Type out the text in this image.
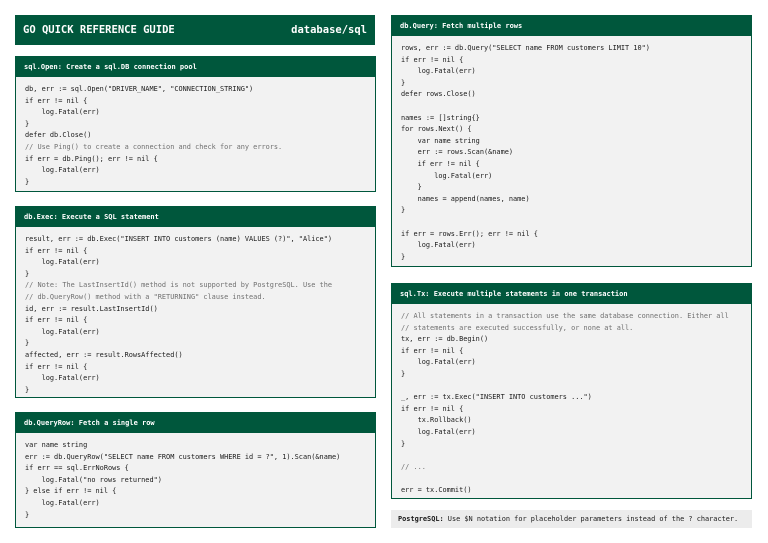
GO QUICK REFERENCE GUIDE	database/sql
sql.Open: Create a sql.DB connection pool
db, err := sql.Open("DRIVER_NAME", "CONNECTION_STRING")
if err != nil {
log.Fatal(err)
}
defer db.Close()
// Use Ping() to create a connection and check for any errors.
if err = db.Ping(); err != nil {
log.Fatal(err)
}
db.Exec: Execute a SQL statement
result, err := db.Exec("INSERT INTO customers (name) VALUES (?)", "Alice")
if err != nil {
log.Fatal(err)
}
// Note: The LastInsertId() method is not supported by PostgreSQL. Use the
// db.QueryRow() method with a "RETURNING" clause instead.
id, err := result.LastInsertId()
if err != nil {
log.Fatal(err)
}
affected, err := result.RowsAffected()
if err != nil {
log.Fatal(err)
}
db.QueryRow: Fetch a single row
var name string
err := db.QueryRow("SELECT name FROM customers WHERE id = ?", 1).Scan(&name)
if err == sql.ErrNoRows {
log.Fatal("no rows returned")
} else if err != nil {
log.Fatal(err)
}
db.Query: Fetch multiple rows
rows, err := db.Query("SELECT name FROM customers LIMIT 10")
if err != nil {
log.Fatal(err)
}
defer rows.Close()
names := []string{}
for rows.Next() {
var name string
err := rows.Scan(&name)
if err != nil {
log.Fatal(err)
}
names = append(names, name)
}
if err = rows.Err(); err != nil {
log.Fatal(err)
}
sql.Tx: Execute multiple statements in one transaction
// All statements in a transaction use the same database connection. Either all
// statements are executed successfully, or none at all.
tx, err := db.Begin()
if err != nil {
log.Fatal(err)
}
_, err := tx.Exec("INSERT INTO customers ...")
if err != nil {
tx.Rollback()
log.Fatal(err)
}
// ...
err = tx.Commit()
PostgreSQL: Use $N notation for placeholder parameters instead of the ? character.
